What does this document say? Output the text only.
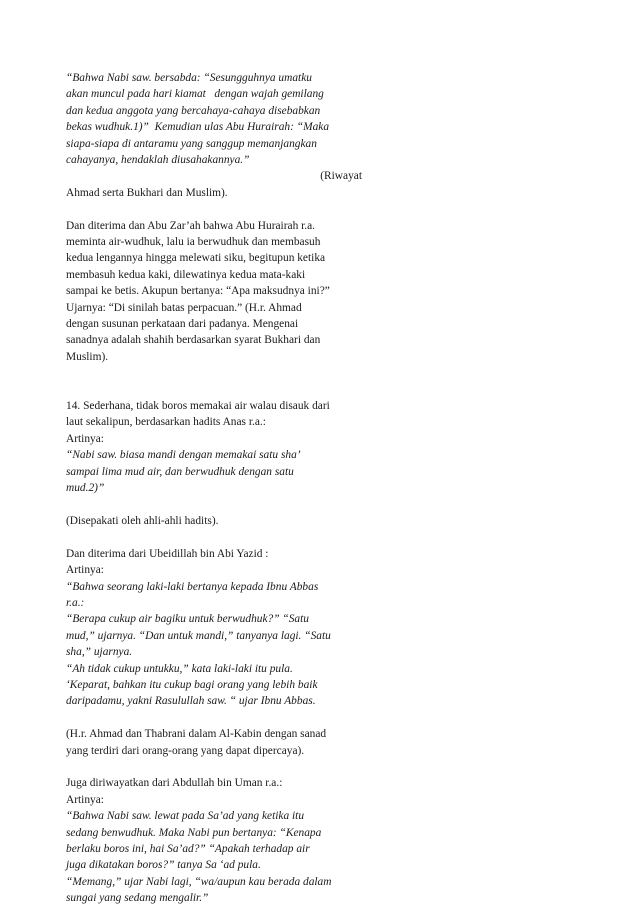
“Bahwa Nabi saw. bersabda: “Sesungguhnya umatku
akan muncul pada hari kiamat   dengan wajah gemilang
dan kedua anggota yang bercahaya-cahaya disebabkan
bekas wudhuk.1)”  Kemudian ulas Abu Hurairah: “Maka
siapa-siapa di antaramu yang sanggup memanjangkan
cahayanya, hendaklah diusahakannya.”
(Riwayat
Ahmad serta Bukhari dan Muslim).
Dan diterima dan Abu Zar’ah bahwa Abu Hurairah r.a.
meminta air-wudhuk, lalu ia berwudhuk dan membasuh
kedua lengannya hingga melewati siku, begitupun ketika
membasuh kedua kaki, dilewatinya kedua mata-kaki
sampai ke betis. Akupun bertanya: “Apa maksudnya ini?”
Ujarnya: “Di sinilah batas perpacuan.” (H.r. Ahmad
dengan susunan perkataan dari padanya. Mengenai
sanadnya adalah shahih berdasarkan syarat Bukhari dan
Muslim).
14. Sederhana, tidak boros memakai air walau disauk dari
laut sekalipun, berdasarkan hadits Anas r.a.:
Artinya:
“Nabi saw. biasa mandi dengan memakai satu sha’
sampai lima mud air, dan berwudhuk dengan satu
mud.2)”
(Disepakati oleh ahli-ahli hadits).
Dan diterima dari Ubeidillah bin Abi Yazid :
Artinya:
“Bahwa seorang laki-laki bertanya kepada Ibnu Abbas
r.a.:
“Berapa cukup air bagiku untuk berwudhuk?” “Satu
mud,” ujarnya. “Dan untuk mandi,” tanyanya lagi. “Satu
sha,” ujarnya.
“Ah tidak cukup untukku,” kata laki-laki itu pula.
‘Keparat, bahkan itu cukup bagi orang yang lebih baik
daripadamu, yakni Rasulullah saw. “ ujar Ibnu Abbas.
(H.r. Ahmad dan Thabrani dalam Al-Kabin dengan sanad
yang terdiri dari orang-orang yang dapat dipercaya).
Juga diriwayatkan dari Abdullah bin Uman r.a.:
Artinya:
“Bahwa Nabi saw. lewat pada Sa’ad yang ketika itu
sedang benwudhuk. Maka Nabi pun bertanya: “Kenapa
berlaku boros ini, hai Sa’ad?” “Apakah terhadap air
juga dikatakan boros?” tanya Sa ‘ad pula.
“Memang,” ujar Nabi lagi, “wa/aupun kau berada dalam
sungai yang sedang mengalir.”
